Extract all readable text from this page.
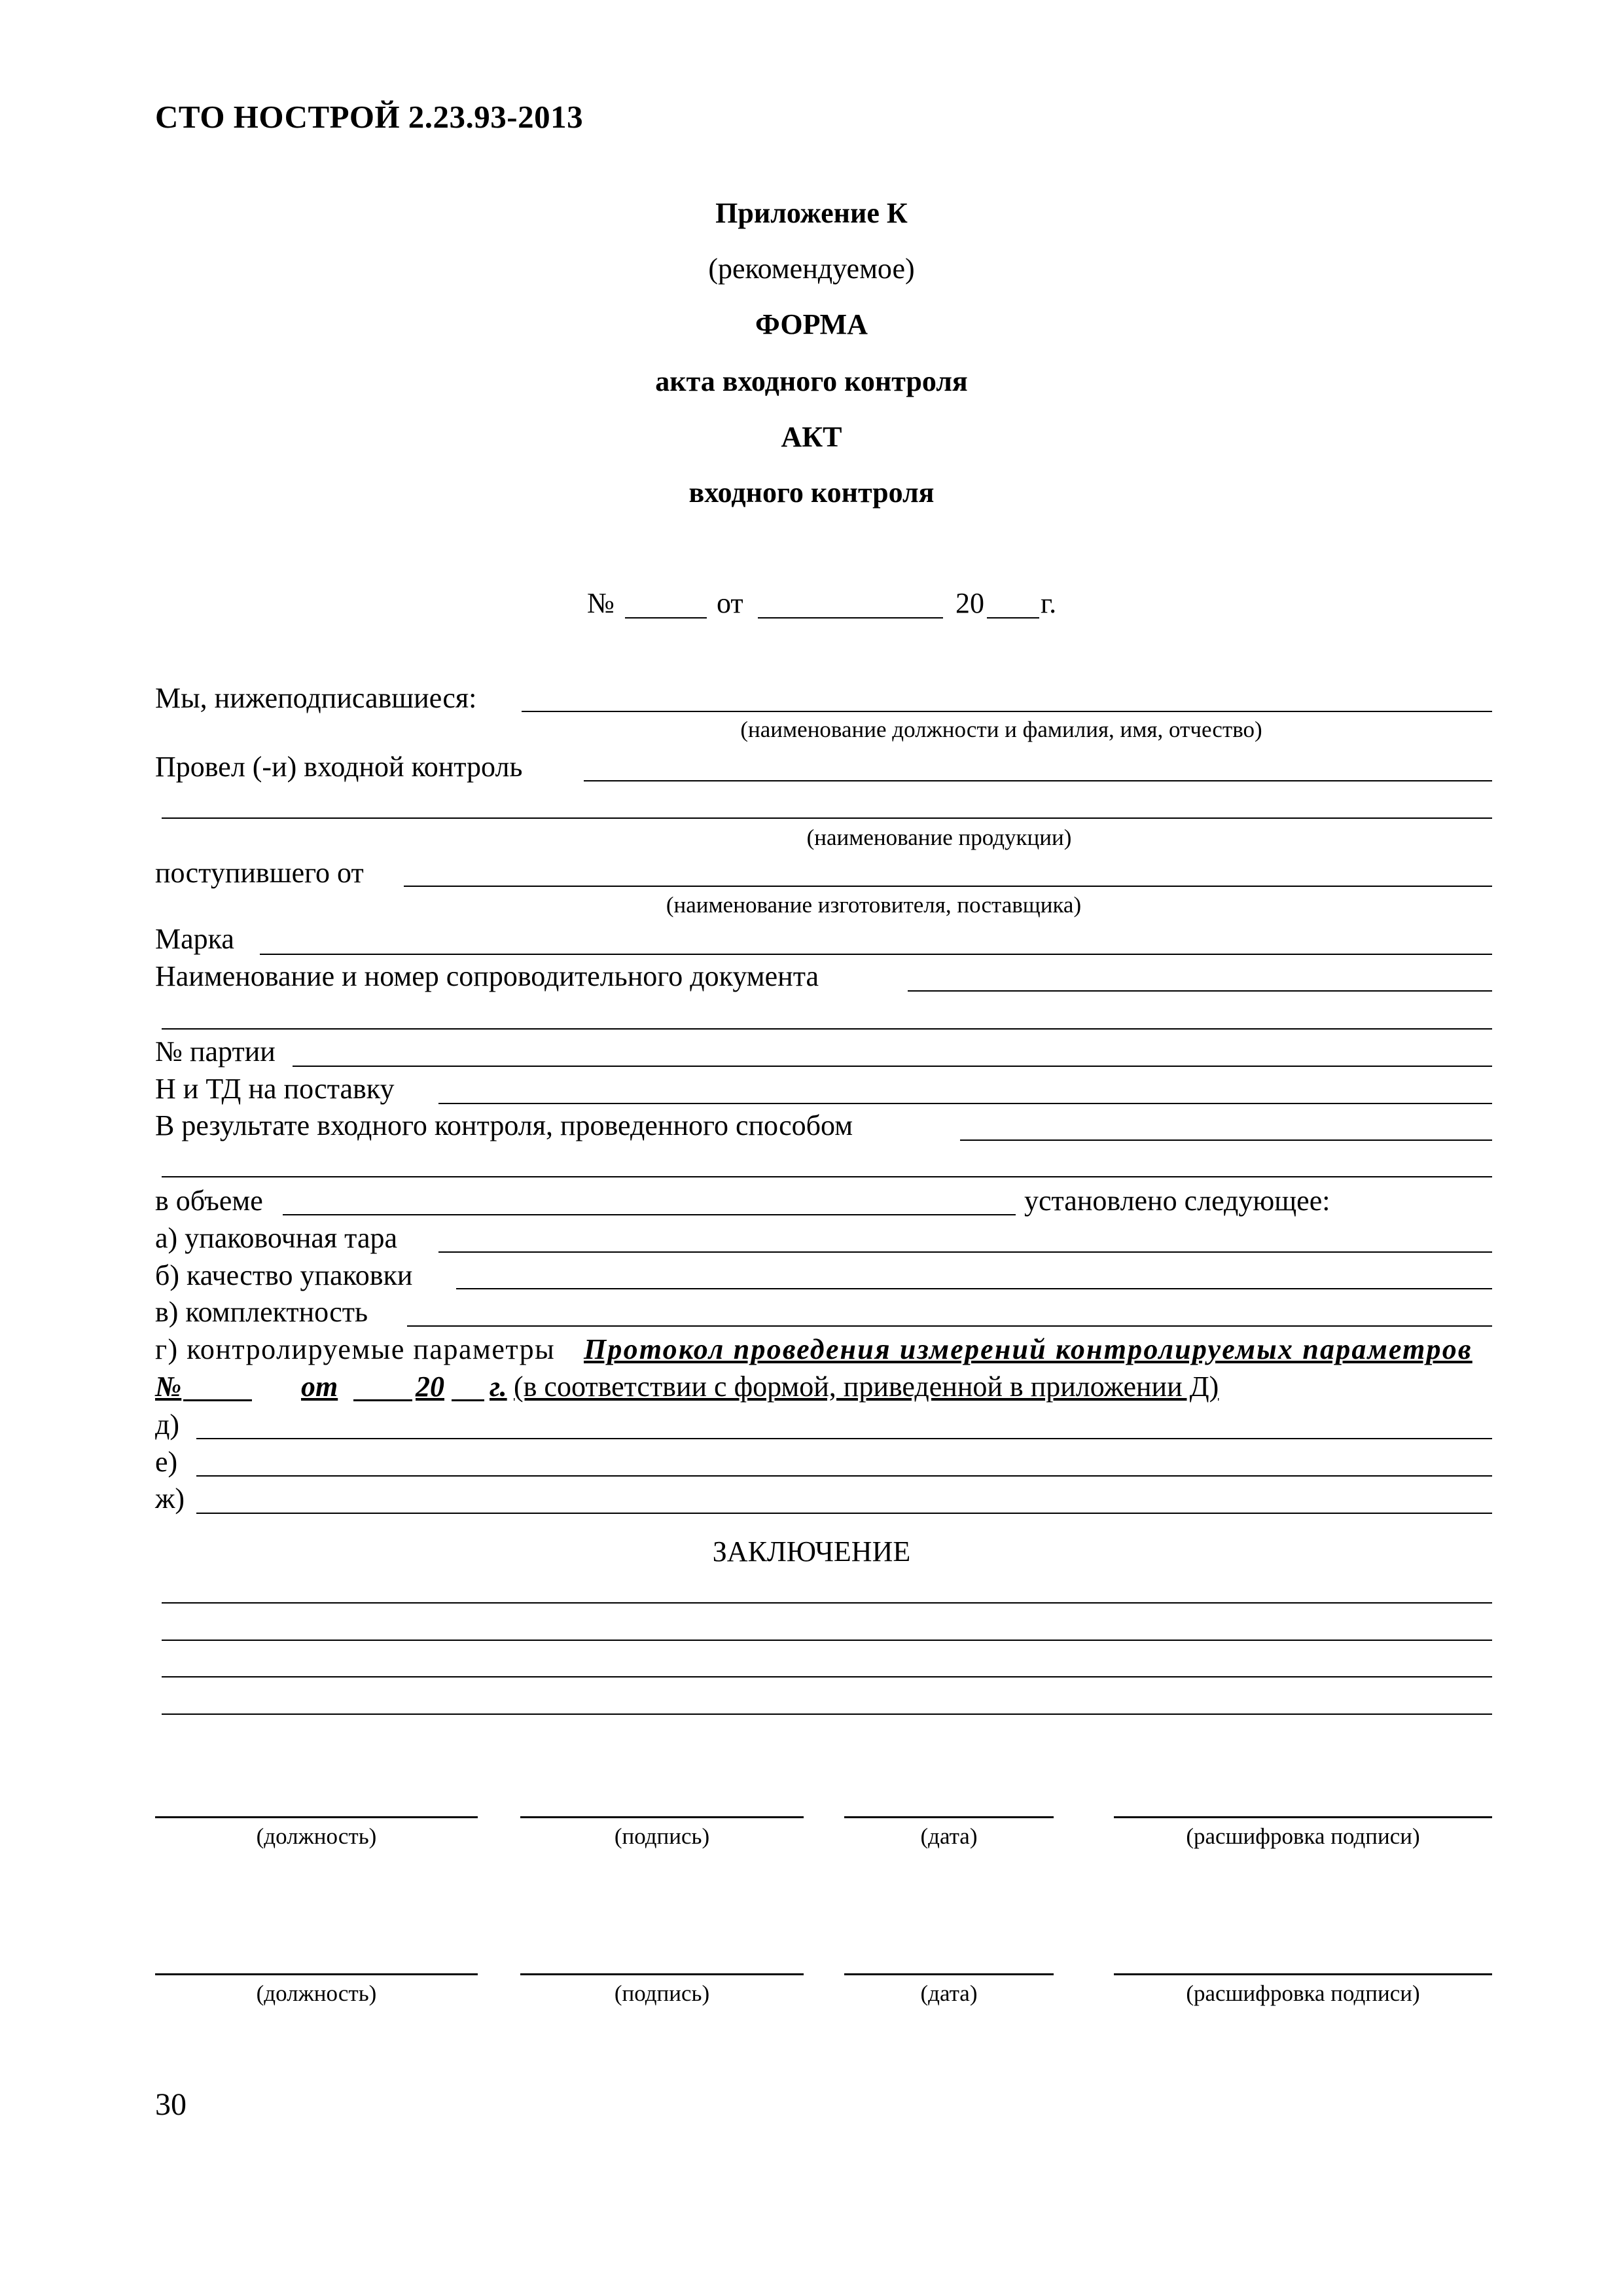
СТО НОСТРОЙ 2.23.93-2013
Приложение К
(рекомендуемое)
ФОРМА
акта входного контроля
АКТ
входного контроля
№	от	20 г.
Мы, нижеподписавшиеся:
(наименование должности и фамилия, имя, отчество)
Провел (-и) входной контроль
(наименование продукции)
поступившего от
(наименование изготовителя, поставщика)
Марка
Наименование и номер сопроводительного документа
№ партии
Н и ТД на поставку
В результате входного контроля, проведенного способом
в объеме	установлено следующее:
а) упаковочная тара
б) качество упаковки
в) комплектность
г) контролируемые параметры Протокол проведения измерений контролируемых параметров
№	от	20 г. (в соответствии с формой, приведенной в приложении Д)
д)
е)
ж)
ЗАКЛЮЧЕНИЕ
(должность)	(подпись)	(дата)	(расшифровка подписи)
(должность)	(подпись)	(дата)	(расшифровка подписи)
30
